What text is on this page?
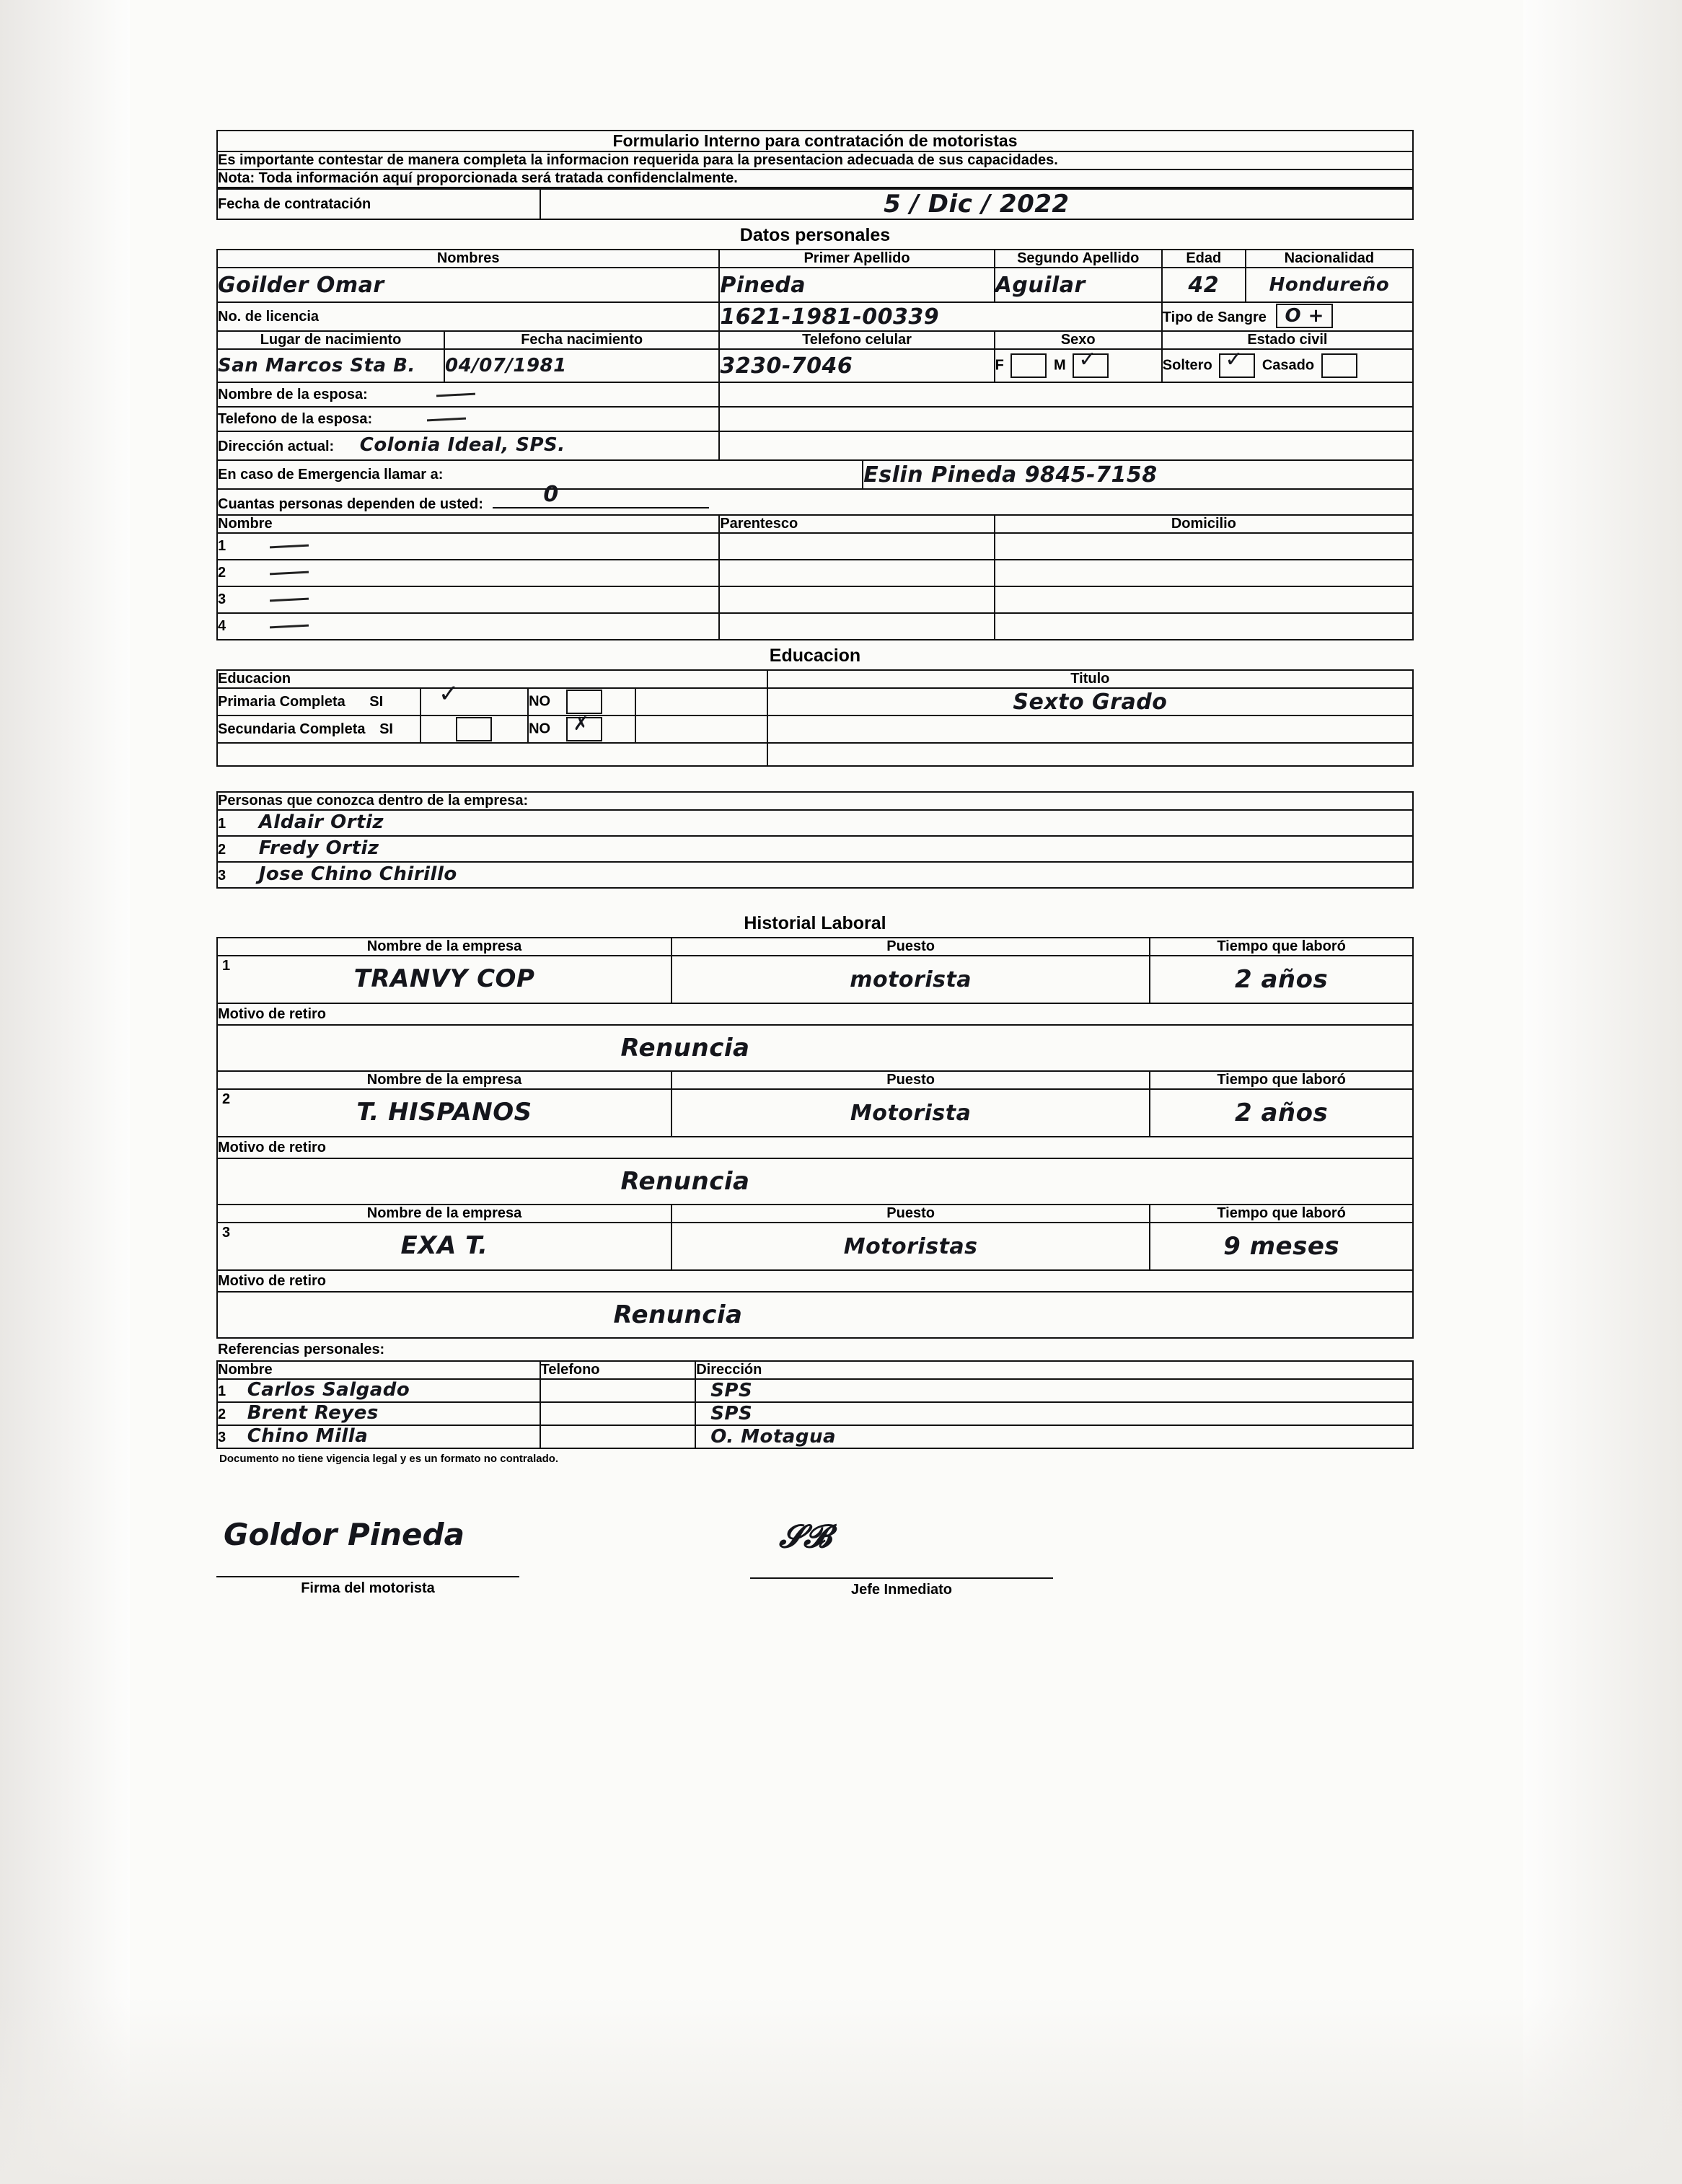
Formulario Interno para contratación de motoristas
Es importante contestar de manera completa la informacion requerida para la presentacion adecuada de sus capacidades.
Nota: Toda información aquí proporcionada será tratada confidenclalmente.
Fecha de contratación	5 / Dic / 2022
Datos personales
Nombres		Primer Apellido		Segundo Apellido	Edad	Nacionalidad
Goilder Omar		Pineda		Aguilar	42	Hondureño
No. de licencia		1621-1981-00339			Tipo de Sangre O +	
Lugar de nacimiento	Fecha nacimiento	Telefono celular		Sexo	Estado civil	
San Marcos Sta B.	04/07/1981	3230-7046		F M ✓	Soltero ✓ Casado	
Nombre de la esposa:						
Telefono de la esposa:						
Dirección actual: Colonia Ideal, SPS.						
En caso de Emergencia llamar a:			Eslin Pineda 9845-7158			
Cuantas personas dependen de usted: 0						

Nombre		Parentesco		Domicilio		
1						
2						
3						
4						
Educacion
Educacion				Titulo
Primaria Completa SI	✓	NO		Sexto Grado
Secundaria Completa SI		NO ✗		

Personas que conozca dentro de la empresa:
1 Aldair Ortiz
2 Fredy Ortiz
3 Jose Chino Chirillo
Historial Laboral
Nombre de la empresa	Puesto	Tiempo que laboró

1 TRANVY COP	motorista	2 años
Motivo de retiro		
Renuncia		
Nombre de la empresa	Puesto	Tiempo que laboró

2 T. HISPANOS	Motorista	2 años
Motivo de retiro		
Renuncia		
Nombre de la empresa	Puesto	Tiempo que laboró

3 EXA T.	Motoristas	9 meses
Motivo de retiro		
Renuncia		
Referencias personales:
Nombre	Telefono	Dirección
1 Carlos Salgado		SPS
2 Brent Reyes		SPS
3 Chino Milla		O. Motagua
Documento no tiene vigencia legal y es un formato no contralado.
Goldor Pineda
Firma del motorista
𝓢𝓑
Jefe Inmediato
